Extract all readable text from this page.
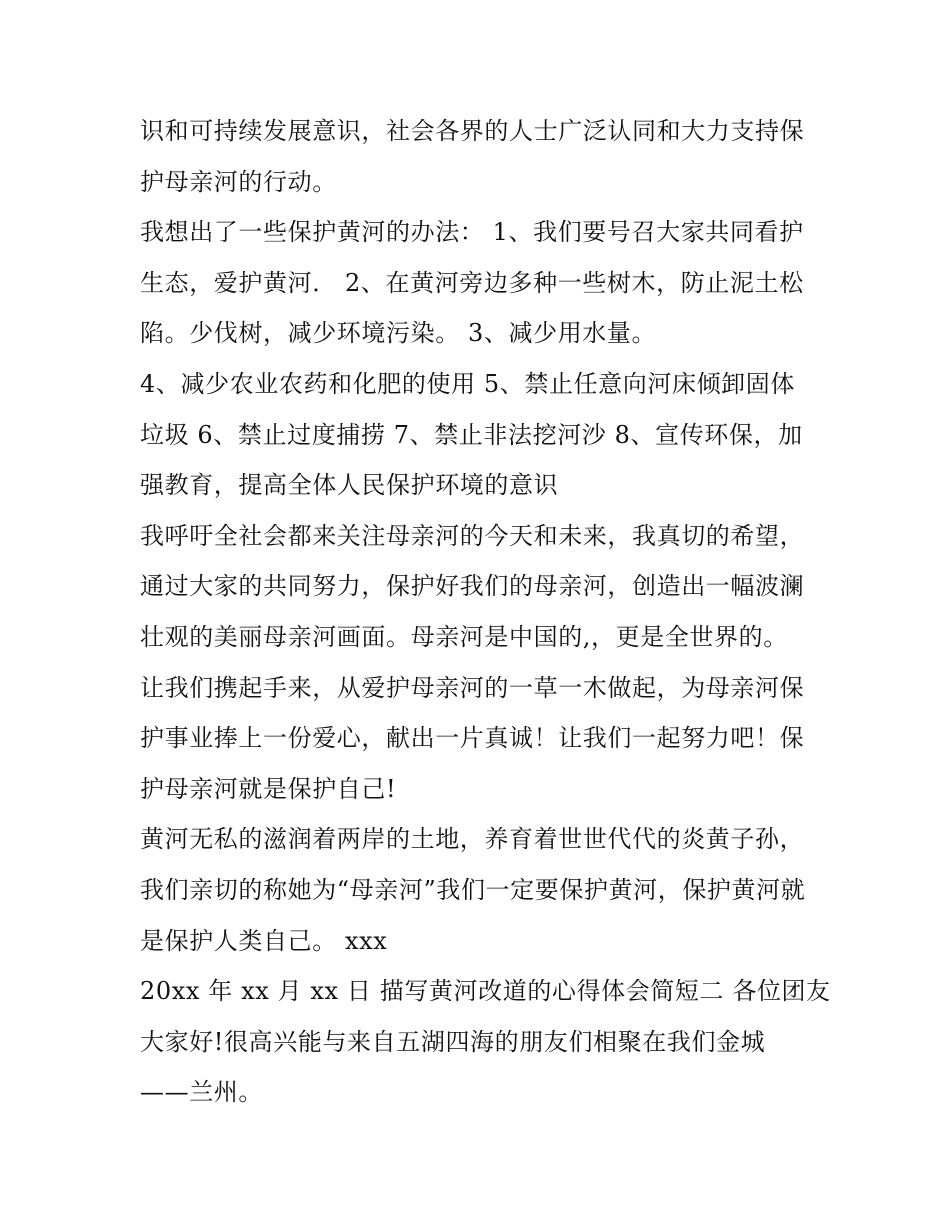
识和可持续发展意识，社会各界的人士广泛认同和大力支持保
护母亲河的行动。
我想出了一些保护黄河的办法： 1、我们要号召大家共同看护
生态，爱护黄河． 2、在黄河旁边多种一些树木，防止泥土松
陷。少伐树，减少环境污染。 3、减少用水量。
4、减少农业农药和化肥的使用 5、禁止任意向河床倾卸固体
垃圾 6、禁止过度捕捞 7、禁止非法挖河沙 8、宣传环保，加
强教育，提高全体人民保护环境的意识
我呼吁全社会都来关注母亲河的今天和未来，我真切的希望，
通过大家的共同努力，保护好我们的母亲河，创造出一幅波澜
壮观的美丽母亲河画面。母亲河是中国的,，更是全世界的。
让我们携起手来，从爱护母亲河的一草一木做起，为母亲河保
护事业捧上一份爱心，献出一片真诚！让我们一起努力吧！保
护母亲河就是保护自己!
黄河无私的滋润着两岸的土地，养育着世世代代的炎黄子孙，
我们亲切的称她为“母亲河”我们一定要保护黄河，保护黄河就
是保护人类自己。 xxx
20xx 年 xx 月 xx 日 描写黄河改道的心得体会简短二 各位团友
大家好!很高兴能与来自五湖四海的朋友们相聚在我们金城
——兰州。
